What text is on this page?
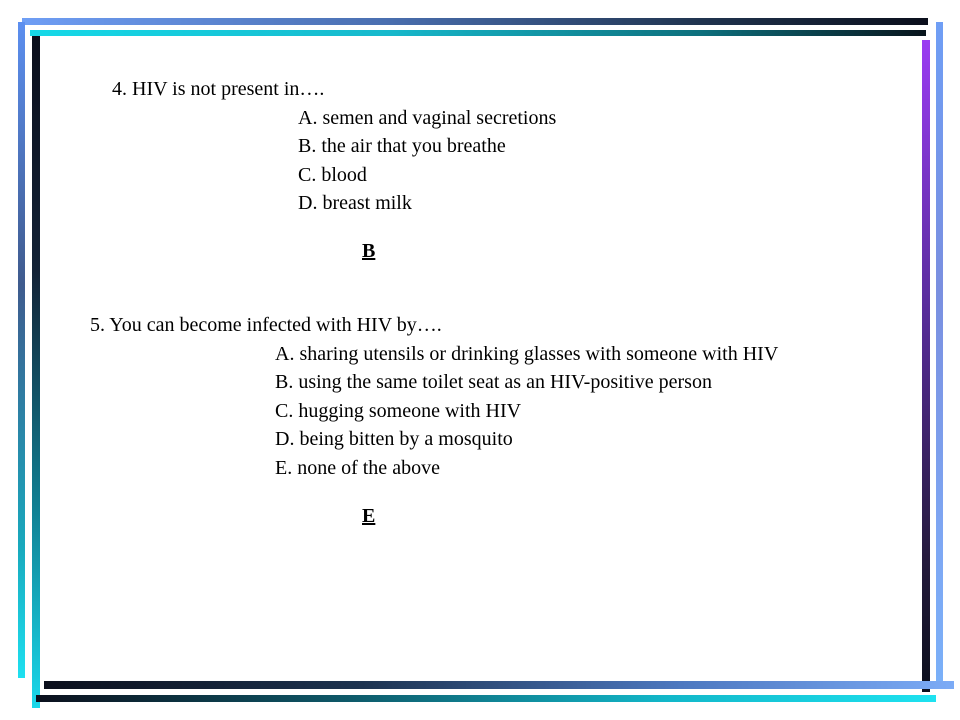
4. HIV is not present in….
A. semen and vaginal secretions
B. the air that you breathe
C. blood
D. breast milk
B
5. You can become infected with HIV by….
A. sharing utensils or drinking glasses with someone with HIV
B. using the same toilet seat as an HIV-positive person
C. hugging someone with HIV
D. being bitten by a mosquito
E. none of the above
E
